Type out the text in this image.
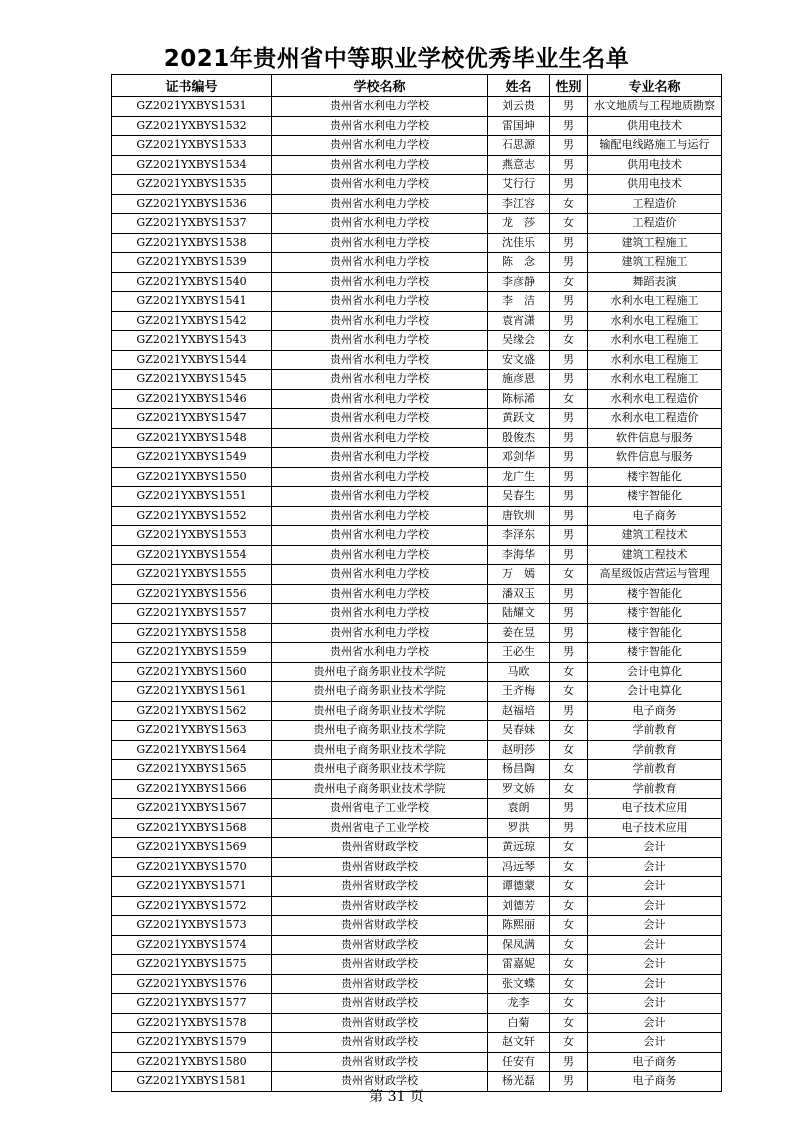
2021年贵州省中等职业学校优秀毕业生名单
证书编号	学校名称	姓名	性别	专业名称
GZ2021YXBYS1531	贵州省水利电力学校	刘云贵	男	水文地质与工程地质勘察
GZ2021YXBYS1532	贵州省水利电力学校	雷国坤	男	供用电技术
GZ2021YXBYS1533	贵州省水利电力学校	石思源	男	输配电线路施工与运行
GZ2021YXBYS1534	贵州省水利电力学校	燕意志	男	供用电技术
GZ2021YXBYS1535	贵州省水利电力学校	艾行行	男	供用电技术
GZ2021YXBYS1536	贵州省水利电力学校	李江容	女	工程造价
GZ2021YXBYS1537	贵州省水利电力学校	龙　莎	女	工程造价
GZ2021YXBYS1538	贵州省水利电力学校	沈佳乐	男	建筑工程施工
GZ2021YXBYS1539	贵州省水利电力学校	陈　念	男	建筑工程施工
GZ2021YXBYS1540	贵州省水利电力学校	李彦静	女	舞蹈表演
GZ2021YXBYS1541	贵州省水利电力学校	李　洁	男	水利水电工程施工
GZ2021YXBYS1542	贵州省水利电力学校	袁宵潇	男	水利水电工程施工
GZ2021YXBYS1543	贵州省水利电力学校	吴缘会	女	水利水电工程施工
GZ2021YXBYS1544	贵州省水利电力学校	安文盛	男	水利水电工程施工
GZ2021YXBYS1545	贵州省水利电力学校	施彦恩	男	水利水电工程施工
GZ2021YXBYS1546	贵州省水利电力学校	陈标浠	女	水利水电工程造价
GZ2021YXBYS1547	贵州省水利电力学校	黄跃文	男	水利水电工程造价
GZ2021YXBYS1548	贵州省水利电力学校	殷俊杰	男	软件信息与服务
GZ2021YXBYS1549	贵州省水利电力学校	邓剑华	男	软件信息与服务
GZ2021YXBYS1550	贵州省水利电力学校	龙广生	男	楼宇智能化
GZ2021YXBYS1551	贵州省水利电力学校	吴春生	男	楼宇智能化
GZ2021YXBYS1552	贵州省水利电力学校	唐钦圳	男	电子商务
GZ2021YXBYS1553	贵州省水利电力学校	李泽东	男	建筑工程技术
GZ2021YXBYS1554	贵州省水利电力学校	李海华	男	建筑工程技术
GZ2021YXBYS1555	贵州省水利电力学校	万　嫣	女	高星级饭店营运与管理
GZ2021YXBYS1556	贵州省水利电力学校	潘双玉	男	楼宇智能化
GZ2021YXBYS1557	贵州省水利电力学校	陆耀文	男	楼宇智能化
GZ2021YXBYS1558	贵州省水利电力学校	姜在昱	男	楼宇智能化
GZ2021YXBYS1559	贵州省水利电力学校	王必生	男	楼宇智能化
GZ2021YXBYS1560	贵州电子商务职业技术学院	马欧	女	会计电算化
GZ2021YXBYS1561	贵州电子商务职业技术学院	王齐梅	女	会计电算化
GZ2021YXBYS1562	贵州电子商务职业技术学院	赵福培	男	电子商务
GZ2021YXBYS1563	贵州电子商务职业技术学院	吴春妹	女	学前教育
GZ2021YXBYS1564	贵州电子商务职业技术学院	赵明莎	女	学前教育
GZ2021YXBYS1565	贵州电子商务职业技术学院	杨昌陶	女	学前教育
GZ2021YXBYS1566	贵州电子商务职业技术学院	罗文娇	女	学前教育
GZ2021YXBYS1567	贵州省电子工业学校	袁朗	男	电子技术应用
GZ2021YXBYS1568	贵州省电子工业学校	罗洪	男	电子技术应用
GZ2021YXBYS1569	贵州省财政学校	黄远琼	女	会计
GZ2021YXBYS1570	贵州省财政学校	冯远琴	女	会计
GZ2021YXBYS1571	贵州省财政学校	谭德蒙	女	会计
GZ2021YXBYS1572	贵州省财政学校	刘德芳	女	会计
GZ2021YXBYS1573	贵州省财政学校	陈熙丽	女	会计
GZ2021YXBYS1574	贵州省财政学校	保凤满	女	会计
GZ2021YXBYS1575	贵州省财政学校	雷嘉妮	女	会计
GZ2021YXBYS1576	贵州省财政学校	张文蝶	女	会计
GZ2021YXBYS1577	贵州省财政学校	龙李	女	会计
GZ2021YXBYS1578	贵州省财政学校	白菊	女	会计
GZ2021YXBYS1579	贵州省财政学校	赵文轩	女	会计
GZ2021YXBYS1580	贵州省财政学校	任安有	男	电子商务
GZ2021YXBYS1581	贵州省财政学校	杨光磊	男	电子商务
第 31 页
